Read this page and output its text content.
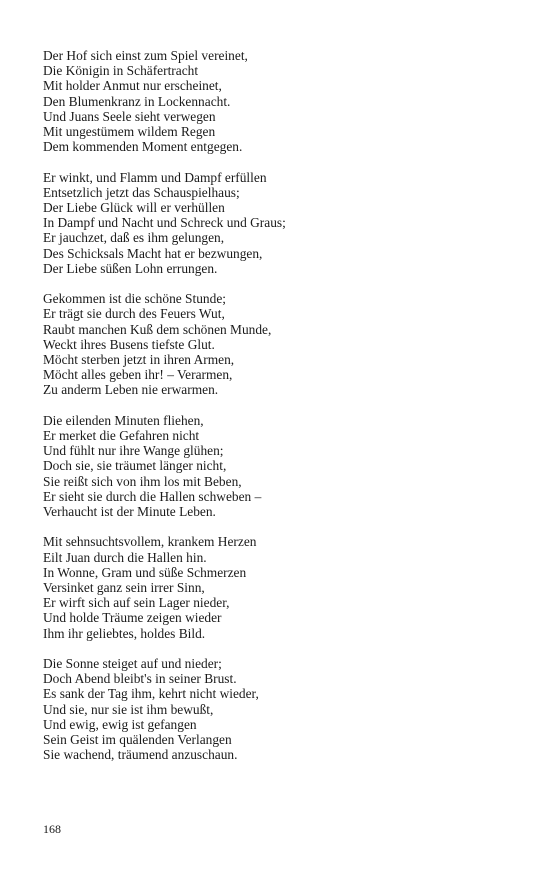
Der Hof sich einst zum Spiel vereinet,
Die Königin in Schäfertracht
Mit holder Anmut nur erscheinet,
Den Blumenkranz in Lockennacht.
Und Juans Seele sieht verwegen
Mit ungestümem wildem Regen
Dem kommenden Moment entgegen.
Er winkt, und Flamm und Dampf erfüllen
Entsetzlich jetzt das Schauspielhaus;
Der Liebe Glück will er verhüllen
In Dampf und Nacht und Schreck und Graus;
Er jauchzet, daß es ihm gelungen,
Des Schicksals Macht hat er bezwungen,
Der Liebe süßen Lohn errungen.
Gekommen ist die schöne Stunde;
Er trägt sie durch des Feuers Wut,
Raubt manchen Kuß dem schönen Munde,
Weckt ihres Busens tiefste Glut.
Möcht sterben jetzt in ihren Armen,
Möcht alles geben ihr! – Verarmen,
Zu anderm Leben nie erwarmen.
Die eilenden Minuten fliehen,
Er merket die Gefahren nicht
Und fühlt nur ihre Wange glühen;
Doch sie, sie träumet länger nicht,
Sie reißt sich von ihm los mit Beben,
Er sieht sie durch die Hallen schweben –
Verhaucht ist der Minute Leben.
Mit sehnsuchtsvollem, krankem Herzen
Eilt Juan durch die Hallen hin.
In Wonne, Gram und süße Schmerzen
Versinket ganz sein irrer Sinn,
Er wirft sich auf sein Lager nieder,
Und holde Träume zeigen wieder
Ihm ihr geliebtes, holdes Bild.
Die Sonne steiget auf und nieder;
Doch Abend bleibt's in seiner Brust.
Es sank der Tag ihm, kehrt nicht wieder,
Und sie, nur sie ist ihm bewußt,
Und ewig, ewig ist gefangen
Sein Geist im quälenden Verlangen
Sie wachend, träumend anzuschaun.
168
